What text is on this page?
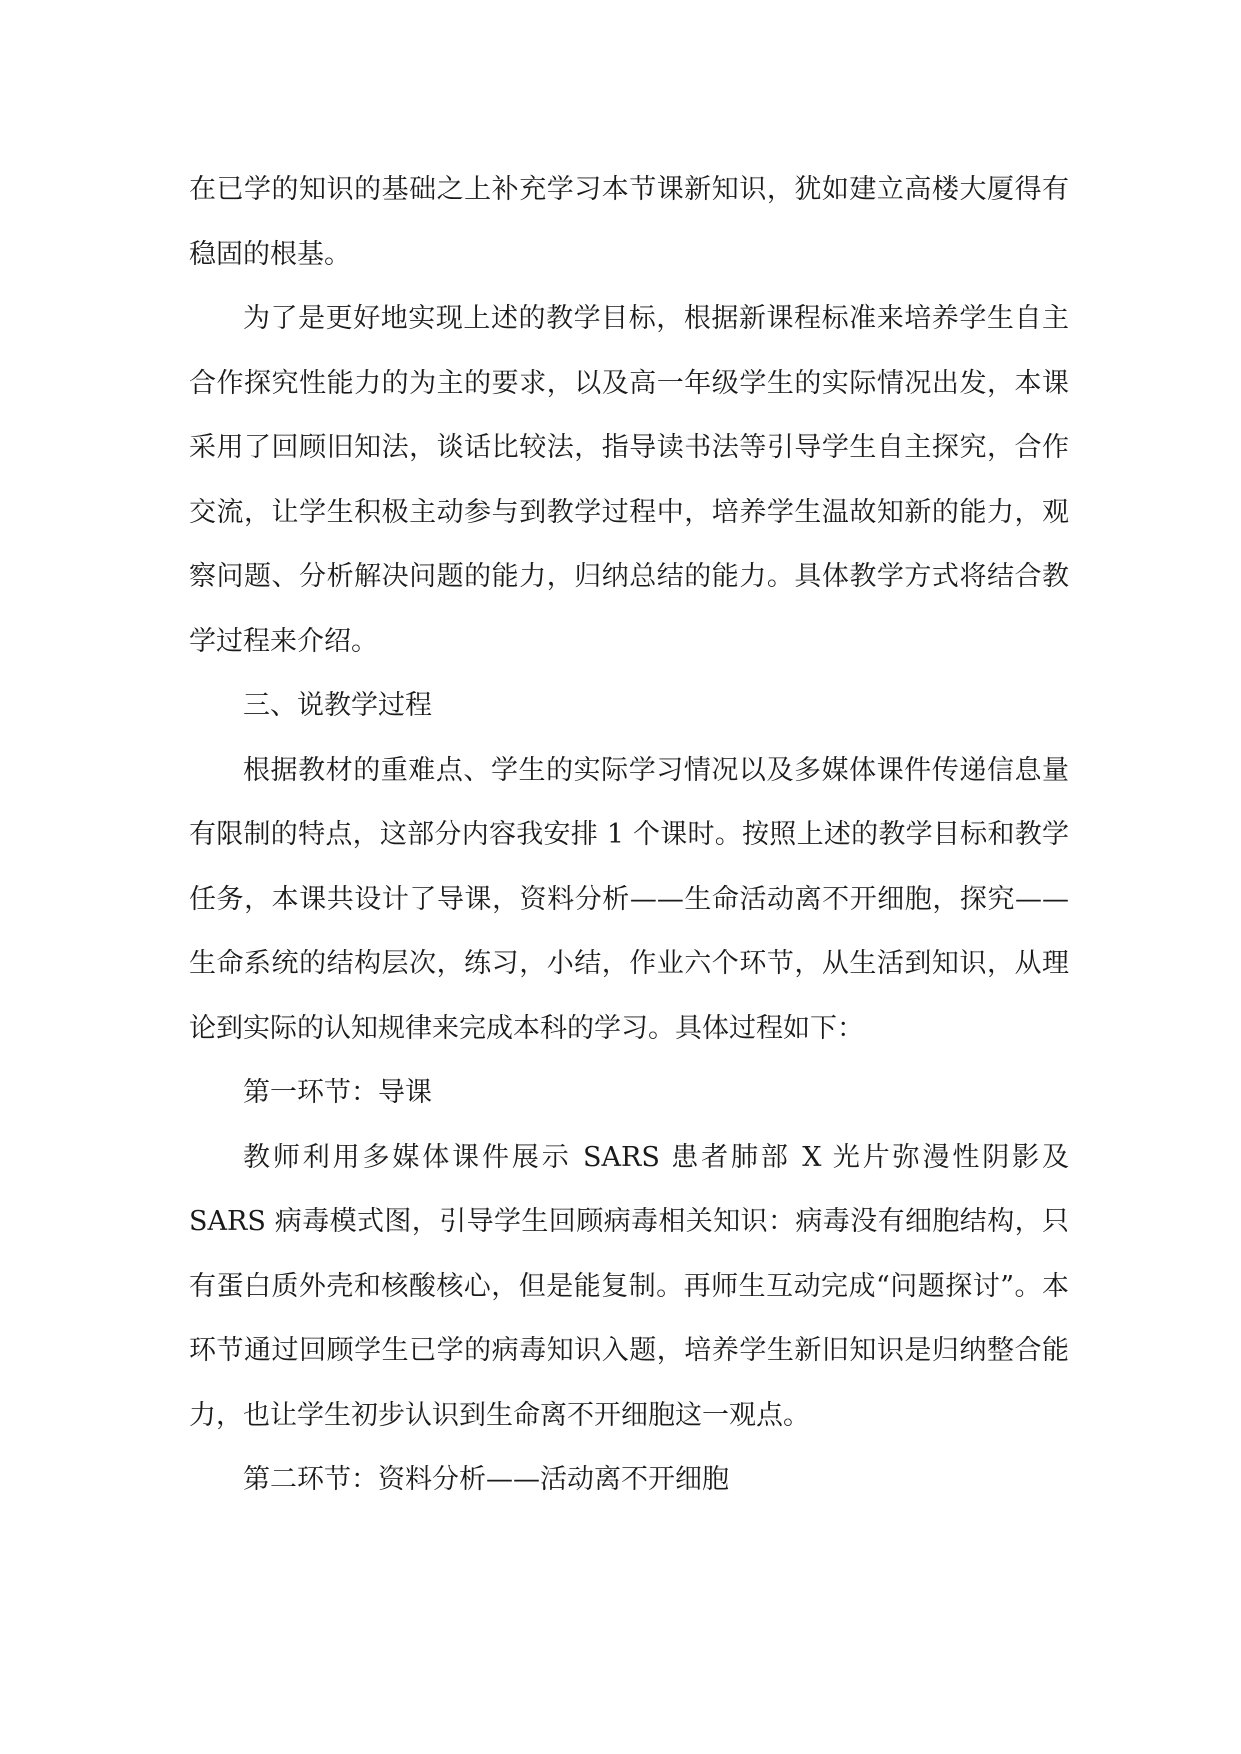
在已学的知识的基础之上补充学习本节课新知识，犹如建立高楼大厦得有稳固的根基。

为了是更好地实现上述的教学目标，根据新课程标准来培养学生自主合作探究性能力的为主的要求，以及高一年级学生的实际情况出发，本课采用了回顾旧知法，谈话比较法，指导读书法等引导学生自主探究，合作交流，让学生积极主动参与到教学过程中，培养学生温故知新的能力，观察问题、分析解决问题的能力，归纳总结的能力。具体教学方式将结合教学过程来介绍。

三、说教学过程

根据教材的重难点、学生的实际学习情况以及多媒体课件传递信息量有限制的特点，这部分内容我安排 1 个课时。按照上述的教学目标和教学任务，本课共设计了导课，资料分析——生命活动离不开细胞，探究——生命系统的结构层次，练习，小结，作业六个环节，从生活到知识，从理论到实际的认知规律来完成本科的学习。具体过程如下：

第一环节：导课

教师利用多媒体课件展示 SARS 患者肺部 X 光片弥漫性阴影及 SARS 病毒模式图，引导学生回顾病毒相关知识：病毒没有细胞结构，只有蛋白质外壳和核酸核心，但是能复制。再师生互动完成“问题探讨”。本环节通过回顾学生已学的病毒知识入题，培养学生新旧知识是归纳整合能力，也让学生初步认识到生命离不开细胞这一观点。

第二环节：资料分析——活动离不开细胞
